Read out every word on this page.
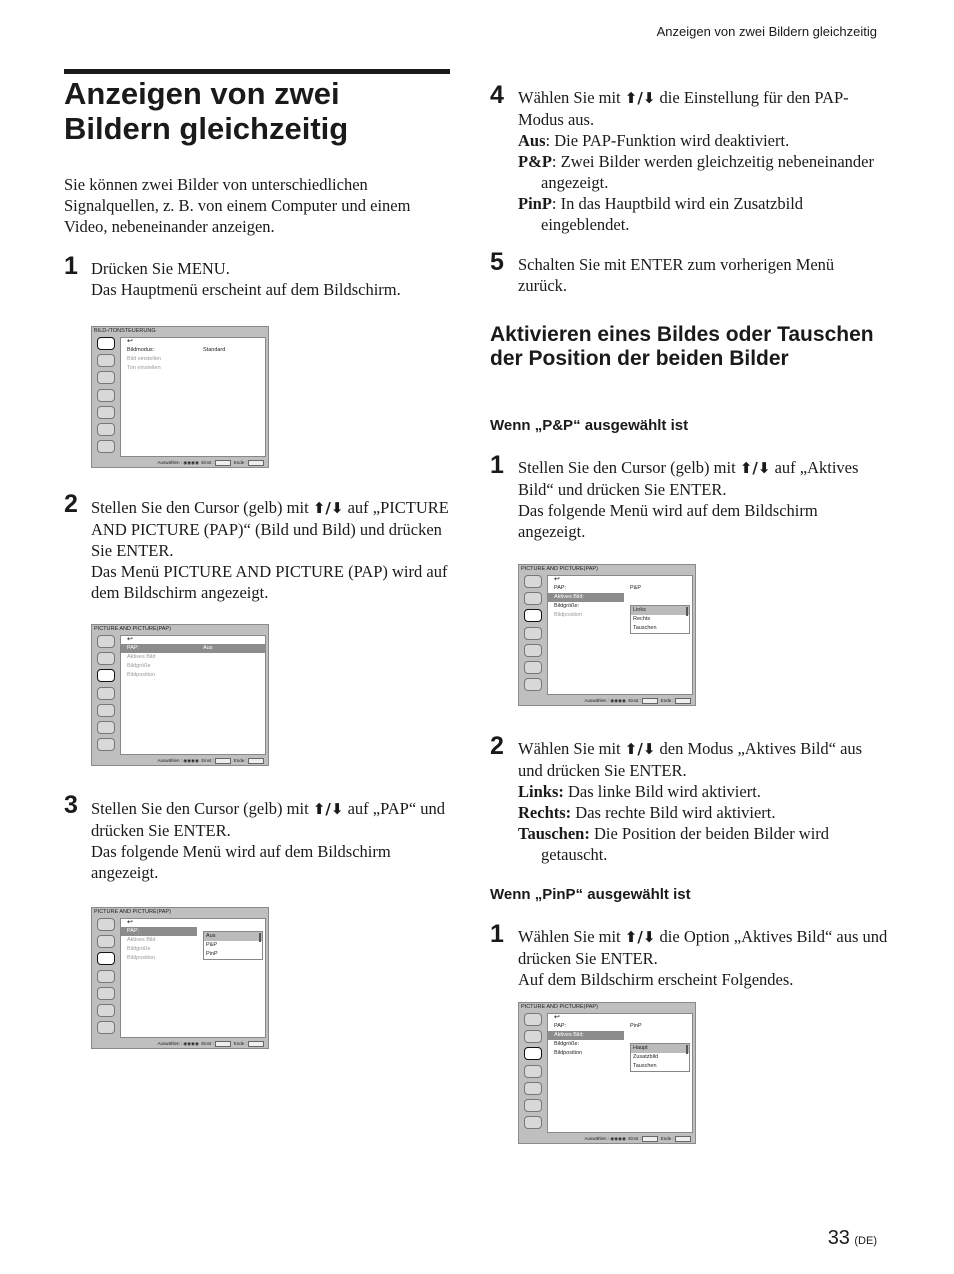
Anzeigen von zwei Bildern gleichzeitig
Anzeigen von zwei
Bildern gleichzeitig
Sie können zwei Bilder von unterschiedlichen Signalquellen, z. B. von einem Computer und einem Video, nebeneinander anzeigen.
1 Drücken Sie MENU.
Das Hauptmenü erscheint auf dem Bildschirm.
BILD-/TONSTEUERUNG
↩
Bildmodus:	Standard
Bild einstellen
Ton einstellen
Auswählen : ◉◉◉◉  Einst :	Ende :
2 Stellen Sie den Cursor (gelb) mit ⬆/⬇ auf „PICTURE AND PICTURE (PAP)“ (Bild und Bild) und drücken Sie ENTER.
Das Menü PICTURE AND PICTURE (PAP) wird auf dem Bildschirm angezeigt.
PICTURE AND PICTURE(PAP)
↩
PAP:	Aus
Aktives Bild
Bildgröße
Bildposition
Auswählen : ◉◉◉◉  Einst :	Ende :
3 Stellen Sie den Cursor (gelb) mit ⬆/⬇ auf „PAP“ und drücken Sie ENTER.
Das folgende Menü wird auf dem Bildschirm angezeigt.
PICTURE AND PICTURE(PAP)
↩
PAP:
Aktives Bild
Bildgröße
Bildposition
Aus
P&P
PinP
Auswählen : ◉◉◉◉  Einst :	Ende :
4 Wählen Sie mit ⬆/⬇ die Einstellung für den PAP-Modus aus.
Aus: Die PAP-Funktion wird deaktiviert.
P&P: Zwei Bilder werden gleichzeitig nebeneinander angezeigt.
PinP: In das Hauptbild wird ein Zusatzbild eingeblendet.
5 Schalten Sie mit ENTER zum vorherigen Menü zurück.
Aktivieren eines Bildes oder Tauschen der Position der beiden Bilder
Wenn „P&P“ ausgewählt ist
1 Stellen Sie den Cursor (gelb) mit ⬆/⬇ auf „Aktives Bild“ und drücken Sie ENTER.
Das folgende Menü wird auf dem Bildschirm angezeigt.
PICTURE AND PICTURE(PAP)
↩
PAP:	P&P
Aktives Bild:
Bildgröße:
Bildposition
Links
Rechts
Tauschen
Auswählen : ◉◉◉◉  Einst :	Ende :
2 Wählen Sie mit ⬆/⬇ den Modus „Aktives Bild“ aus und drücken Sie ENTER.
Links: Das linke Bild wird aktiviert.
Rechts: Das rechte Bild wird aktiviert.
Tauschen: Die Position der beiden Bilder wird getauscht.
Wenn „PinP“ ausgewählt ist
1 Wählen Sie mit ⬆/⬇ die Option „Aktives Bild“ aus und drücken Sie ENTER.
Auf dem Bildschirm erscheint Folgendes.
PICTURE AND PICTURE(PAP)
↩
PAP:	PinP
Aktives Bild:
Bildgröße:
Bildposition
Haupt
Zusatzbild
Tauschen
Auswählen : ◉◉◉◉  Einst :	Ende :
33 (DE)
